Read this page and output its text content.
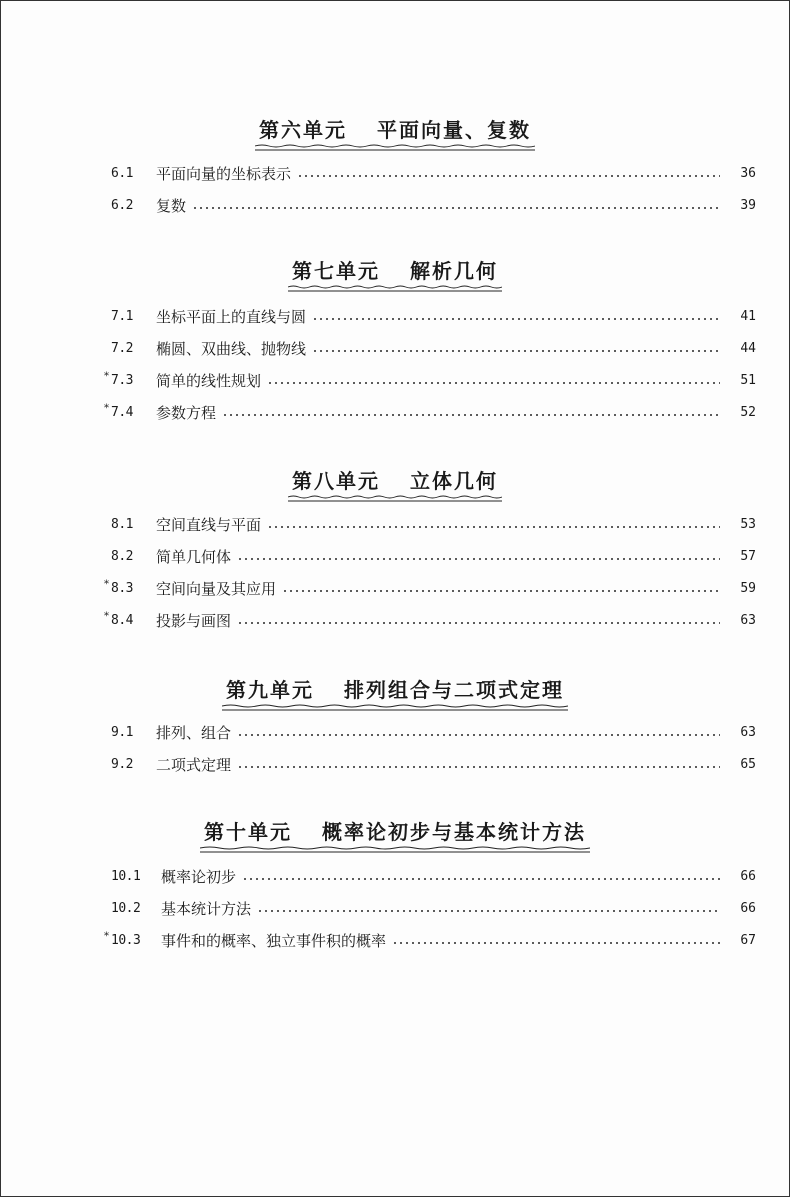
第六单元 平面向量、复数
6.1	平面向量的坐标表示	36
6.2	复数	39
第七单元 解析几何
7.1	坐标平面上的直线与圆	41
7.2	椭圆、双曲线、抛物线	44
* 7.3	简单的线性规划	51
* 7.4	参数方程	52
第八单元 立体几何
8.1	空间直线与平面	53
8.2	简单几何体	57
* 8.3	空间向量及其应用	59
* 8.4	投影与画图	63
第九单元 排列组合与二项式定理
9.1	排列、组合	63
9.2	二项式定理	65
第十单元 概率论初步与基本统计方法
10.1	概率论初步	66
10.2	基本统计方法	66
* 10.3	事件和的概率、独立事件积的概率	67
